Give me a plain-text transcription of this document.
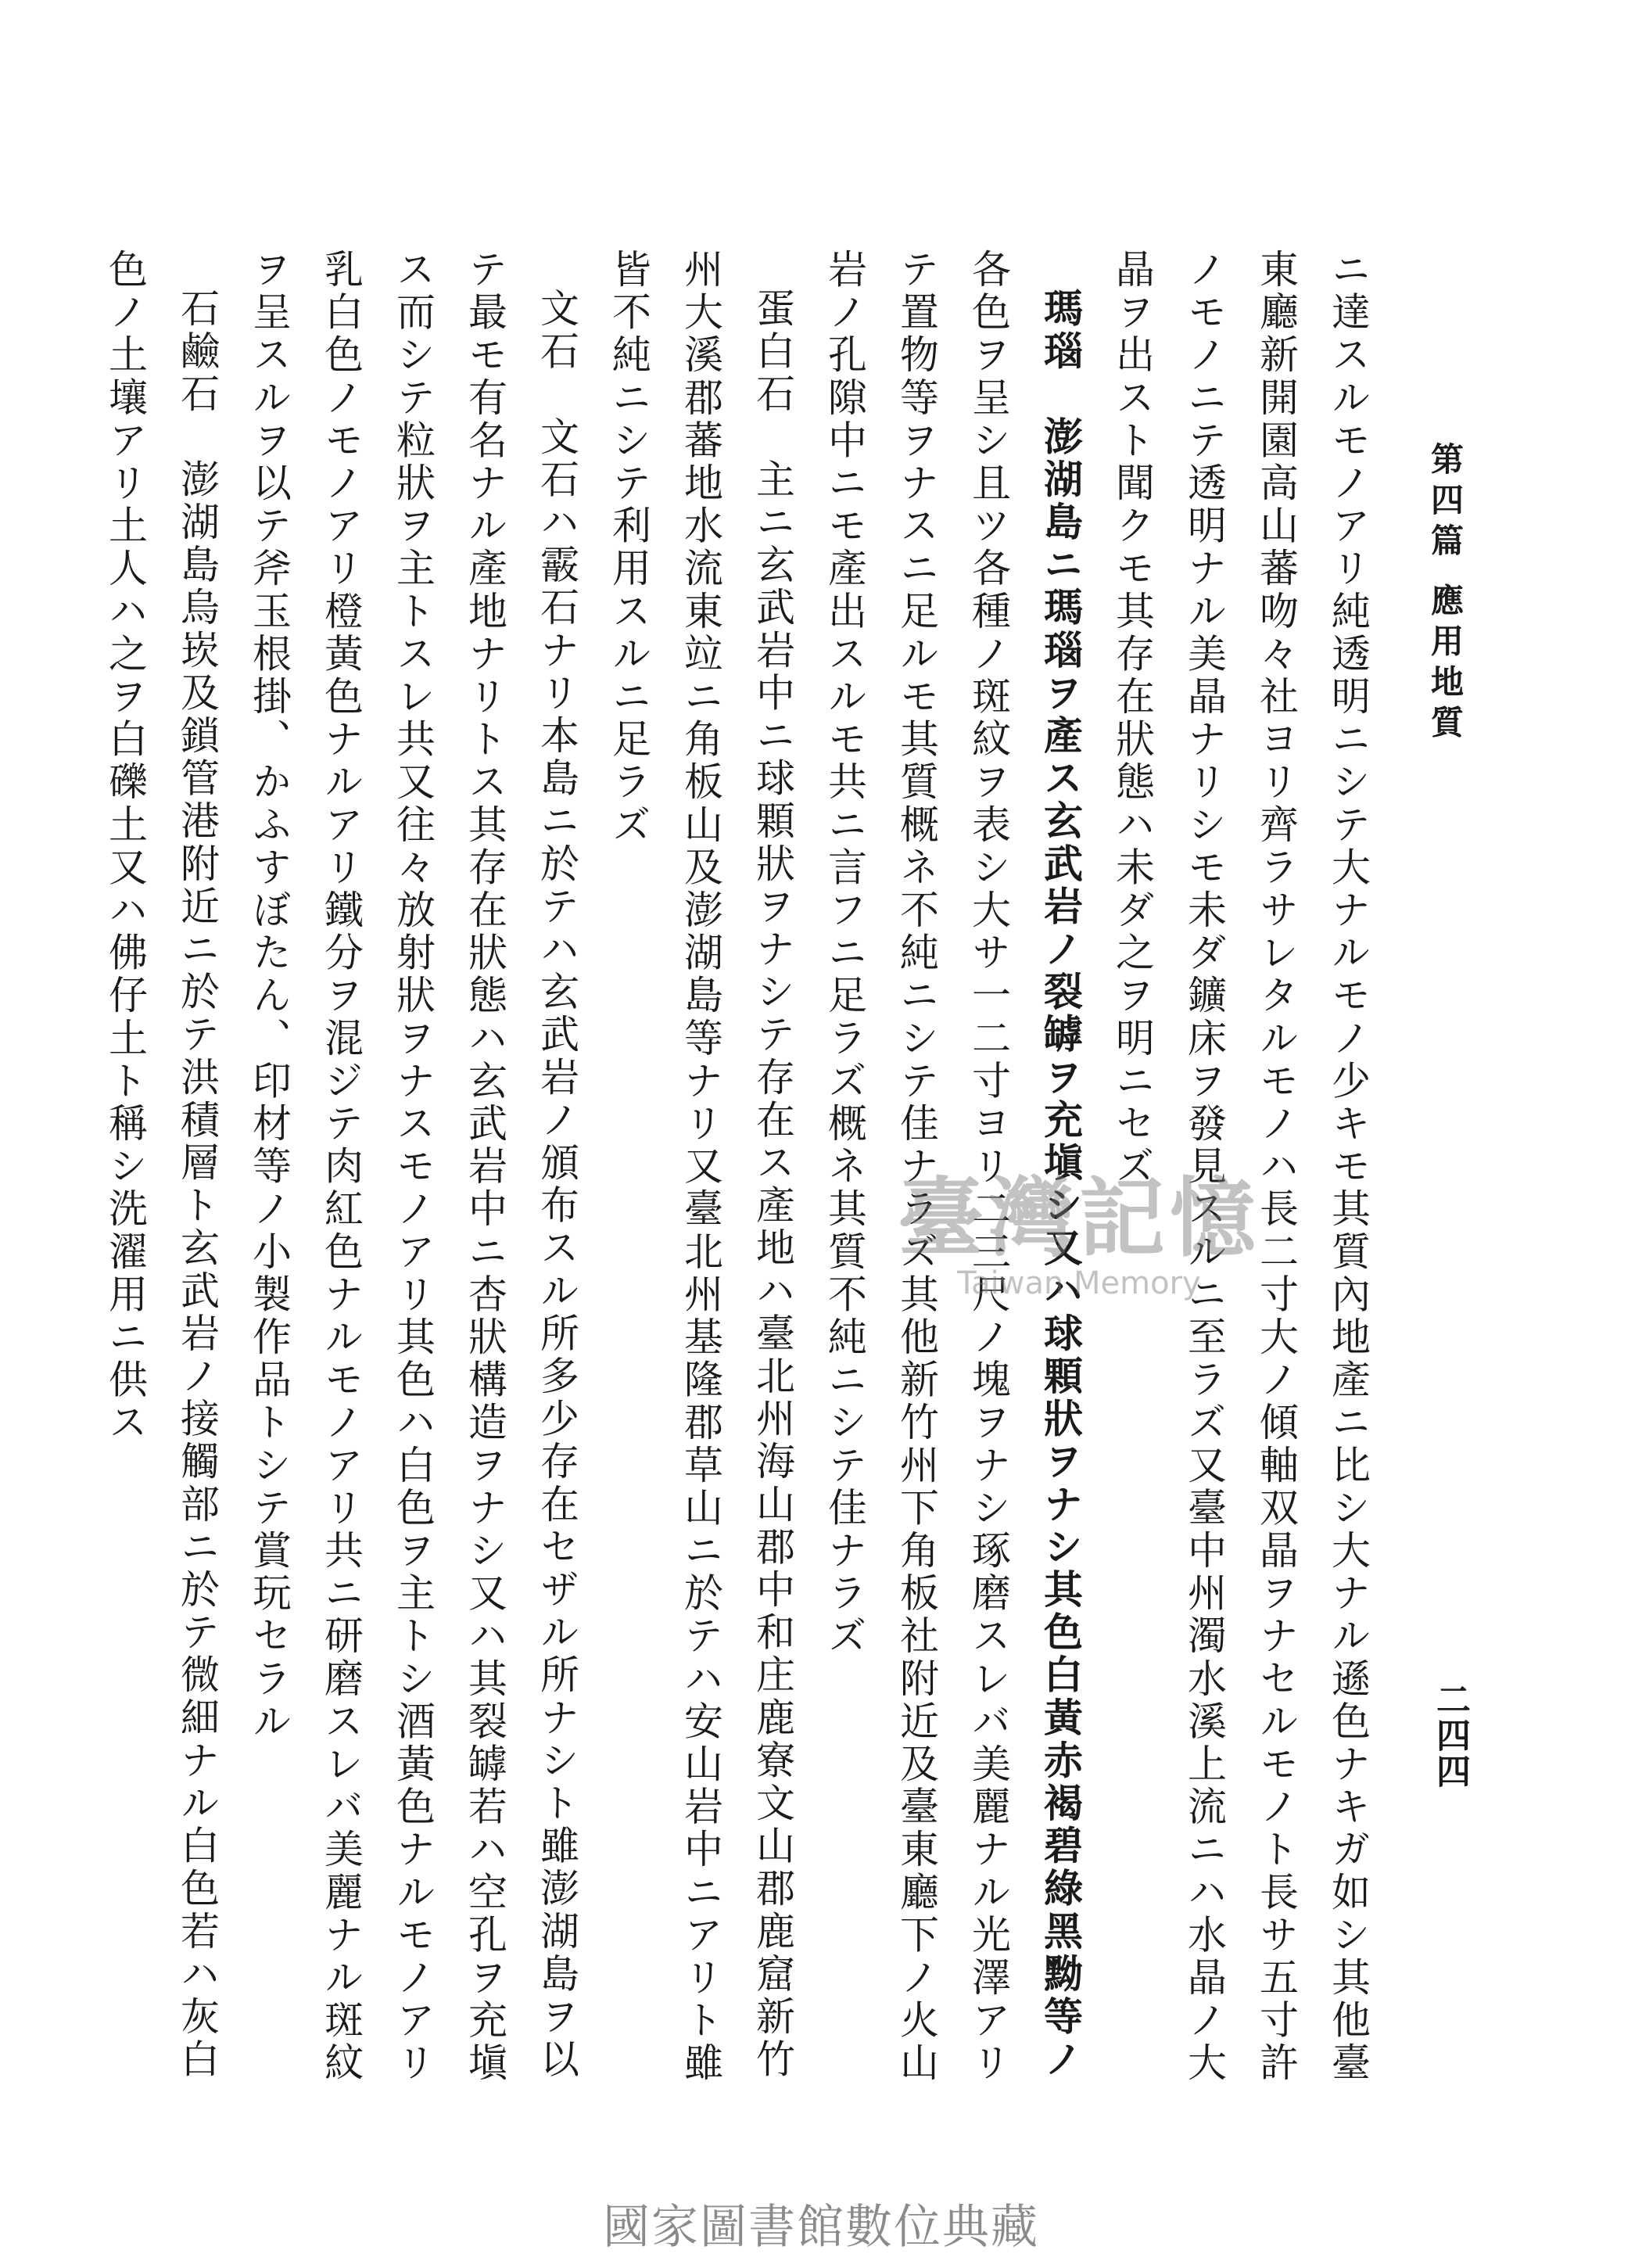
第四篇 應用地質
二四四
ニ達スルモノアリ純透明ニシテ大ナルモノ少キモ其質內地產ニ比シ大ナル遜色ナキガ如シ其他臺
東廳新開園高山蕃吻々社ヨリ齊ラサレタルモノハ長二寸大ノ傾軸双晶ヲナセルモノト長サ五寸許
ノモノニテ透明ナル美晶ナリシモ未ダ鑛床ヲ發見スルニ至ラズ又臺中州濁水溪上流ニハ水晶ノ大
晶ヲ出スト聞クモ其存在狀態ハ未ダ之ヲ明ニセズ
瑪瑙　澎湖島ニ瑪瑙ヲ產ス玄武岩ノ裂罅ヲ充塡シ又ハ球顆狀ヲナシ其色白黃赤褐碧綠黑黝等ノ
各色ヲ呈シ且ツ各種ノ斑紋ヲ表シ大サ一二寸ヨリ二三尺ノ塊ヲナシ琢磨スレバ美麗ナル光澤アリ
テ置物等ヲナスニ足ルモ其質概ネ不純ニシテ佳ナラズ其他新竹州下角板社附近及臺東廳下ノ火山
岩ノ孔隙中ニモ產出スルモ共ニ言フニ足ラズ概ネ其質不純ニシテ佳ナラズ
蛋白石　主ニ玄武岩中ニ球顆狀ヲナシテ存在ス產地ハ臺北州海山郡中和庄鹿寮文山郡鹿窟新竹
州大溪郡蕃地水流東竝ニ角板山及澎湖島等ナリ又臺北州基隆郡草山ニ於テハ安山岩中ニアリト雖
皆不純ニシテ利用スルニ足ラズ
文石　文石ハ霰石ナリ本島ニ於テハ玄武岩ノ頒布スル所多少存在セザル所ナシト雖澎湖島ヲ以
テ最モ有名ナル產地ナリトス其存在狀態ハ玄武岩中ニ杏狀構造ヲナシ又ハ其裂罅若ハ空孔ヲ充塡
ス而シテ粒狀ヲ主トスレ共又往々放射狀ヲナスモノアリ其色ハ白色ヲ主トシ酒黃色ナルモノアリ
乳白色ノモノアリ橙黃色ナルアリ鐵分ヲ混ジテ肉紅色ナルモノアリ共ニ研磨スレバ美麗ナル斑紋
ヲ呈スルヲ以テ斧玉根掛、かふすぼたん、印材等ノ小製作品トシテ賞玩セラル
石鹼石　澎湖島烏崁及鎖管港附近ニ於テ洪積層ト玄武岩ノ接觸部ニ於テ微細ナル白色若ハ灰白
色ノ土壤アリ土人ハ之ヲ白礫土又ハ佛仔土ト稱シ洗濯用ニ供ス	臺灣記憶
Taiwan Memory
國家圖書館數位典藏
